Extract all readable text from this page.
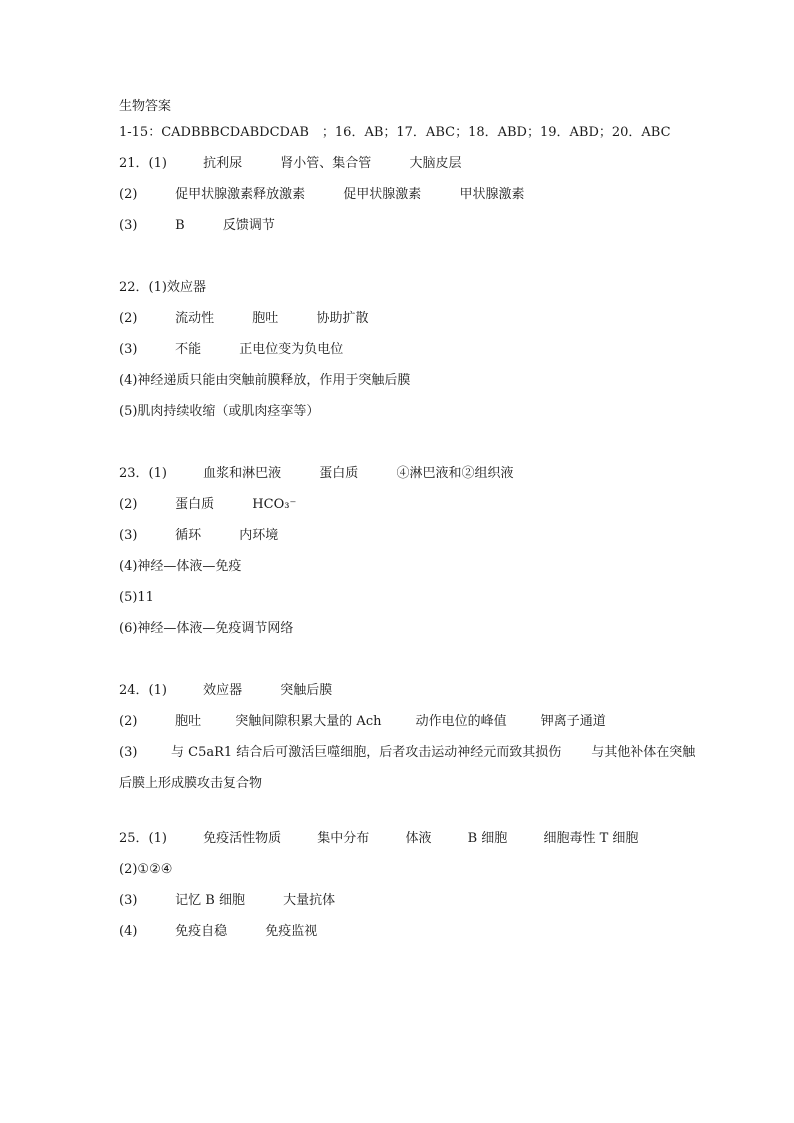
生物答案
1-15：CADBBBCDABDCDAB　；16．AB；17．ABC；18．ABD；19．ABD；20．ABC
21．(1)	抗利尿	肾小管、集合管	大脑皮层
(2)	促甲状腺激素释放激素	促甲状腺激素	甲状腺激素
(3)	B	反馈调节
22．(1)效应器
(2)	流动性	胞吐	协助扩散
(3)	不能	正电位变为负电位
(4)神经递质只能由突触前膜释放，作用于突触后膜
(5)肌肉持续收缩（或肌肉痉挛等）
23．(1)	血浆和淋巴液	蛋白质	④淋巴液和②组织液
(2)	蛋白质	HCO₃⁻
(3)	循环	内环境
(4)神经—体液—免疫
(5)11
(6)神经—体液—免疫调节网络
24．(1)	效应器	突触后膜
(2)	胞吐	突触间隙积累大量的 Ach	动作电位的峰值	钾离子通道
(3)	与 C5aR1 结合后可激活巨噬细胞，后者攻击运动神经元而致其损伤 与其他补体在突触后膜上形成膜攻击复合物
25．(1)	免疫活性物质	集中分布	体液	B 细胞	细胞毒性 T 细胞
(2)①②④
(3)	记忆 B 细胞	大量抗体
(4)	免疫自稳	免疫监视
